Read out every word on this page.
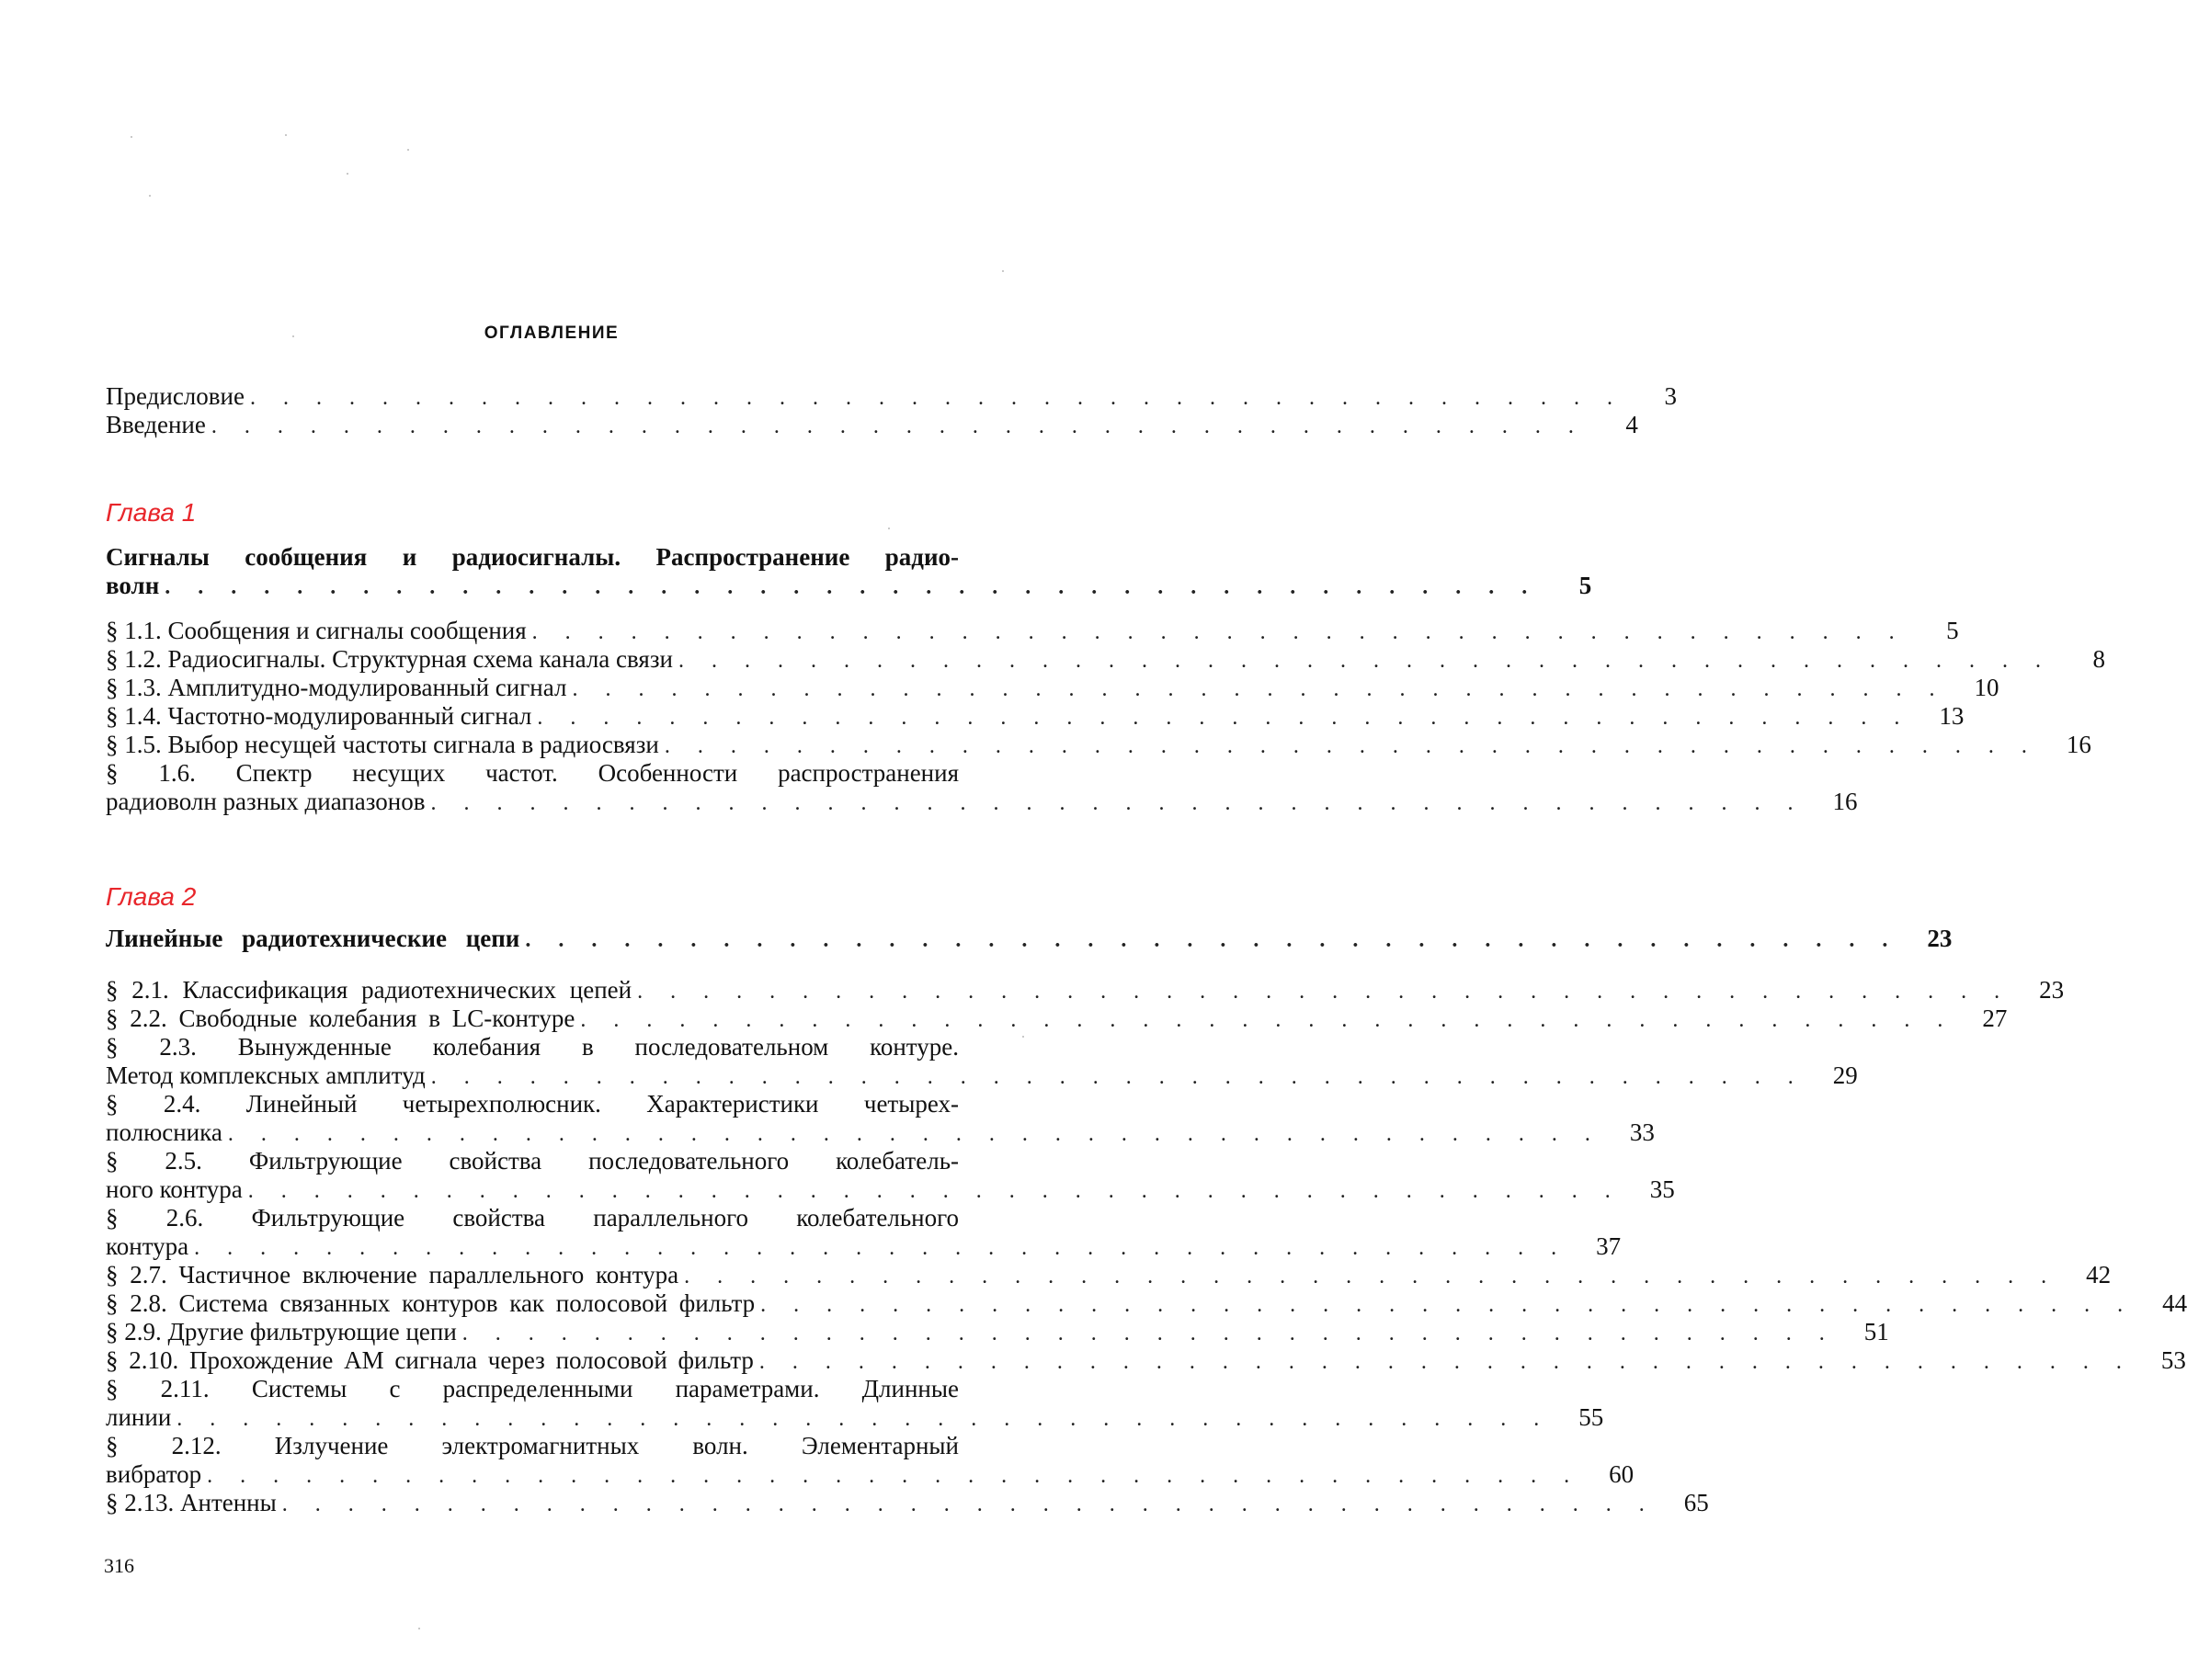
ОГЛАВЛЕНИЕ
Предисловие . . . . . . . . . . . . . . . . . . . . . . . . . . . . . . . . . . . . . . . . . .	3
Введение . . . . . . . . . . . . . . . . . . . . . . . . . . . . . . . . . . . . . . . . . .	4
Глава 1
Сигналы сообщения и радиосигналы. Распространение радио-
волн . . . . . . . . . . . . . . . . . . . . . . . . . . . . . . . . . . . . . . . . . .	5
§ 1.1. Сообщения и сигналы сообщения . . . . . . . . . . . . . . . . . . . . . . . . . . . . . . . . . . . . . . . . . .	5
§ 1.2. Радиосигналы. Структурная схема канала связи . . . . . . . . . . . . . . . . . . . . . . . . . . . . . . . . . . . . . . . . . .	8
§ 1.3. Амплитудно-модулированный сигнал . . . . . . . . . . . . . . . . . . . . . . . . . . . . . . . . . . . . . . . . . .	10
§ 1.4. Частотно-модулированный сигнал . . . . . . . . . . . . . . . . . . . . . . . . . . . . . . . . . . . . . . . . . .	13
§ 1.5. Выбор несущей частоты сигнала в радиосвязи . . . . . . . . . . . . . . . . . . . . . . . . . . . . . . . . . . . . . . . . . .	16
§ 1.6. Спектр несущих частот. Особенности распространения
радиоволн разных диапазонов . . . . . . . . . . . . . . . . . . . . . . . . . . . . . . . . . . . . . . . . . .	16
Глава 2
Линейные радиотехнические цепи . . . . . . . . . . . . . . . . . . . . . . . . . . . . . . . . . . . . . . . . . .	23
§ 2.1. Классификация радиотехнических цепей . . . . . . . . . . . . . . . . . . . . . . . . . . . . . . . . . . . . . . . . . .	23
§ 2.2. Свободные колебания в LC-контуре . . . . . . . . . . . . . . . . . . . . . . . . . . . . . . . . . . . . . . . . . .	27
§ 2.3. Вынужденные колебания в последовательном контуре.
Метод комплексных амплитуд . . . . . . . . . . . . . . . . . . . . . . . . . . . . . . . . . . . . . . . . . .	29
§ 2.4. Линейный четырехполюсник. Характеристики четырех-
полюсника . . . . . . . . . . . . . . . . . . . . . . . . . . . . . . . . . . . . . . . . . .	33
§ 2.5. Фильтрующие свойства последовательного колебатель-
ного контура . . . . . . . . . . . . . . . . . . . . . . . . . . . . . . . . . . . . . . . . . .	35
§ 2.6. Фильтрующие свойства параллельного колебательного
контура . . . . . . . . . . . . . . . . . . . . . . . . . . . . . . . . . . . . . . . . . .	37
§ 2.7. Частичное включение параллельного контура . . . . . . . . . . . . . . . . . . . . . . . . . . . . . . . . . . . . . . . . . .	42
§ 2.8. Система связанных контуров как полосовой фильтр . . . . . . . . . . . . . . . . . . . . . . . . . . . . . . . . . . . . . . . . . .	44
§ 2.9. Другие фильтрующие цепи . . . . . . . . . . . . . . . . . . . . . . . . . . . . . . . . . . . . . . . . . .	51
§ 2.10. Прохождение АМ сигнала через полосовой фильтр . . . . . . . . . . . . . . . . . . . . . . . . . . . . . . . . . . . . . . . . . .	53
§ 2.11. Системы с распределенными параметрами. Длинные
линии . . . . . . . . . . . . . . . . . . . . . . . . . . . . . . . . . . . . . . . . . .	55
§ 2.12. Излучение электромагнитных волн. Элементарный
вибратор . . . . . . . . . . . . . . . . . . . . . . . . . . . . . . . . . . . . . . . . . .	60
§ 2.13. Антенны . . . . . . . . . . . . . . . . . . . . . . . . . . . . . . . . . . . . . . . . . .	65
316
